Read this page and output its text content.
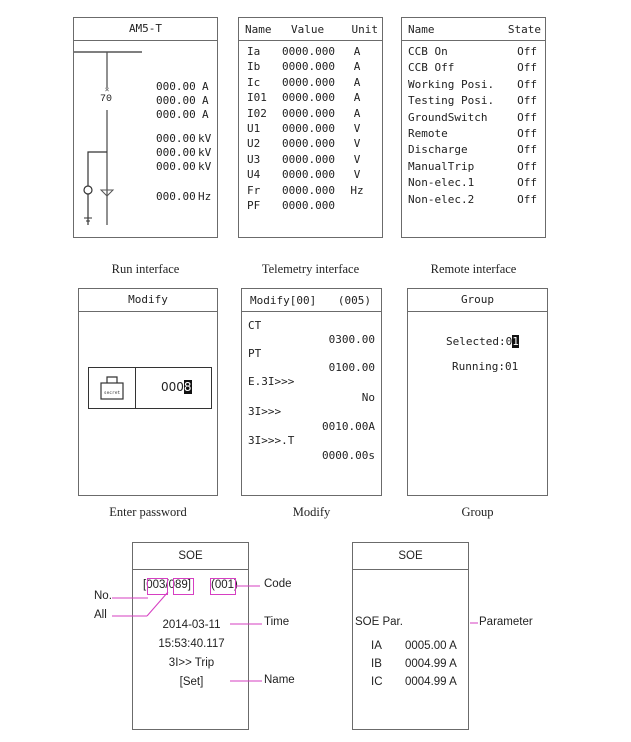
AM5-T
×
70
000.00 A
000.00 A
000.00 A
000.00 kV
000.00 kV
000.00 kV
000.00 Hz
Run interface
Name Value Unit
Ia 0000.000	A
Ib 0000.000	A
Ic 0000.000	A
I01 0000.000	A
I02 0000.000	A
U1 0000.000	V
U2 0000.000	V
U3 0000.000	V
U4 0000.000	V
Fr 0000.000	Hz
PF 0000.000
Telemetry interface
Name	State
CCB On	Off
CCB Off	Off
Working Posi. Off
Testing Posi. Off
GroundSwitch	Off
Remote	Off
Discharge	Off
ManualTrip	Off
Non-elec.1	Off
Non-elec.2	Off
Remote interface
Modify
secret	0008
Enter password
Modify[00] (005)
CT
0300.00
PT
0100.00
E.3I>>>
No
3I>>>
0010.00A
3I>>>.T
0000.00s
Modify
Group
Selected:01
Running:01
Group
SOE
[003/089] (001)
2014-03-11
15:53:40.117
3I>> Trip
[Set]
No.
All
Code
Time
Name
SOE
SOE Par.
IA 0005.00 A
IB 0004.99 A
IC 0004.99 A
Parameter
